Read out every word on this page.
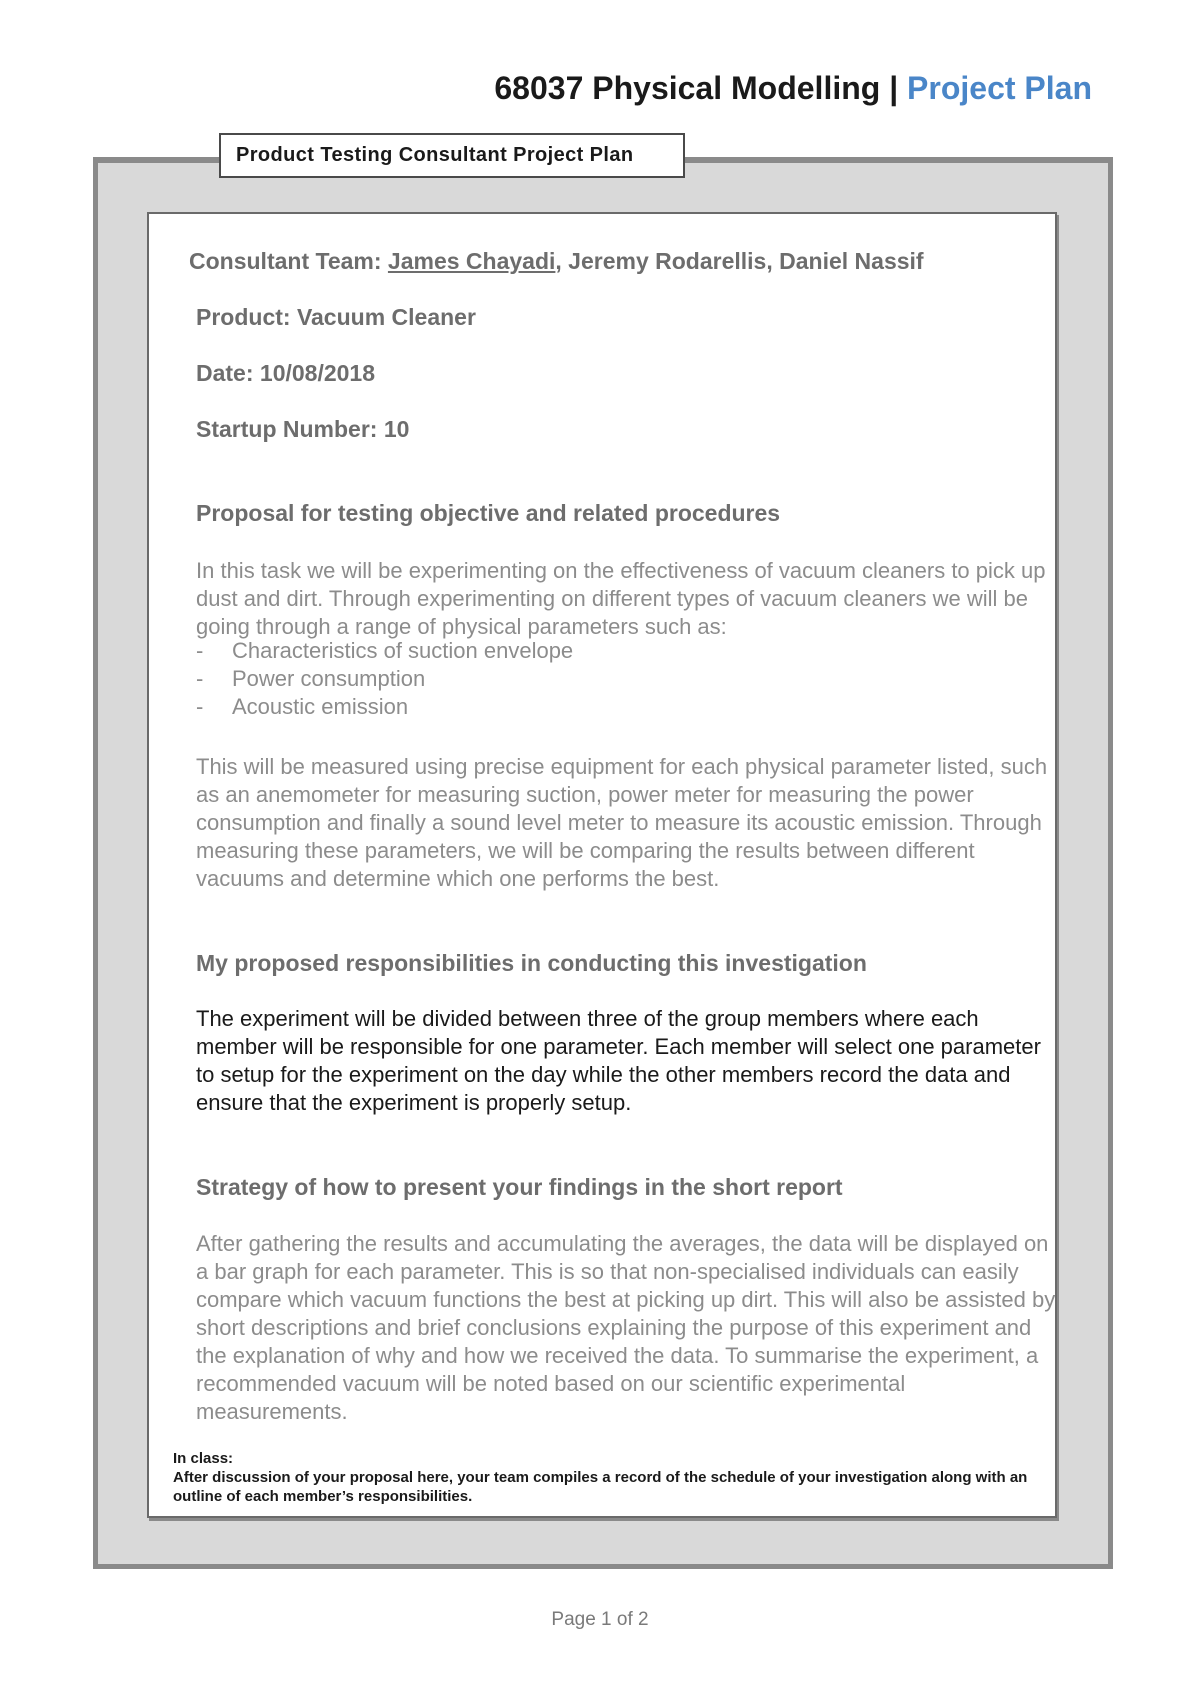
68037 Physical Modelling | Project Plan
Product Testing Consultant Project Plan
Consultant Team: James Chayadi, Jeremy Rodarellis, Daniel Nassif
Product: Vacuum Cleaner
Date: 10/08/2018
Startup Number: 10
Proposal for testing objective and related procedures

In this task we will be experimenting on the effectiveness of vacuum cleaners to pick up dust and dirt. Through experimenting on different types of vacuum cleaners we will be going through a range of physical parameters such as:

-	Characteristics of suction envelope
-	Power consumption
-	Acoustic emission

This will be measured using precise equipment for each physical parameter listed, such as an anemometer for measuring suction, power meter for measuring the power consumption and finally a sound level meter to measure its acoustic emission. Through measuring these parameters, we will be comparing the results between different vacuums and determine which one performs the best.

My proposed responsibilities in conducting this investigation

The experiment will be divided between three of the group members where each member will be responsible for one parameter. Each member will select one parameter to setup for the experiment on the day while the other members record the data and ensure that the experiment is properly setup.

Strategy of how to present your findings in the short report

After gathering the results and accumulating the averages, the data will be displayed on a bar graph for each parameter. This is so that non-specialised individuals can easily compare which vacuum functions the best at picking up dirt. This will also be assisted by short descriptions and brief conclusions explaining the purpose of this experiment and the explanation of why and how we received the data. To summarise the experiment, a recommended vacuum will be noted based on our scientific experimental measurements.

In class:
After discussion of your proposal here, your team compiles a record of the schedule of your investigation along with an outline of each member’s responsibilities.

Page 1 of 2
